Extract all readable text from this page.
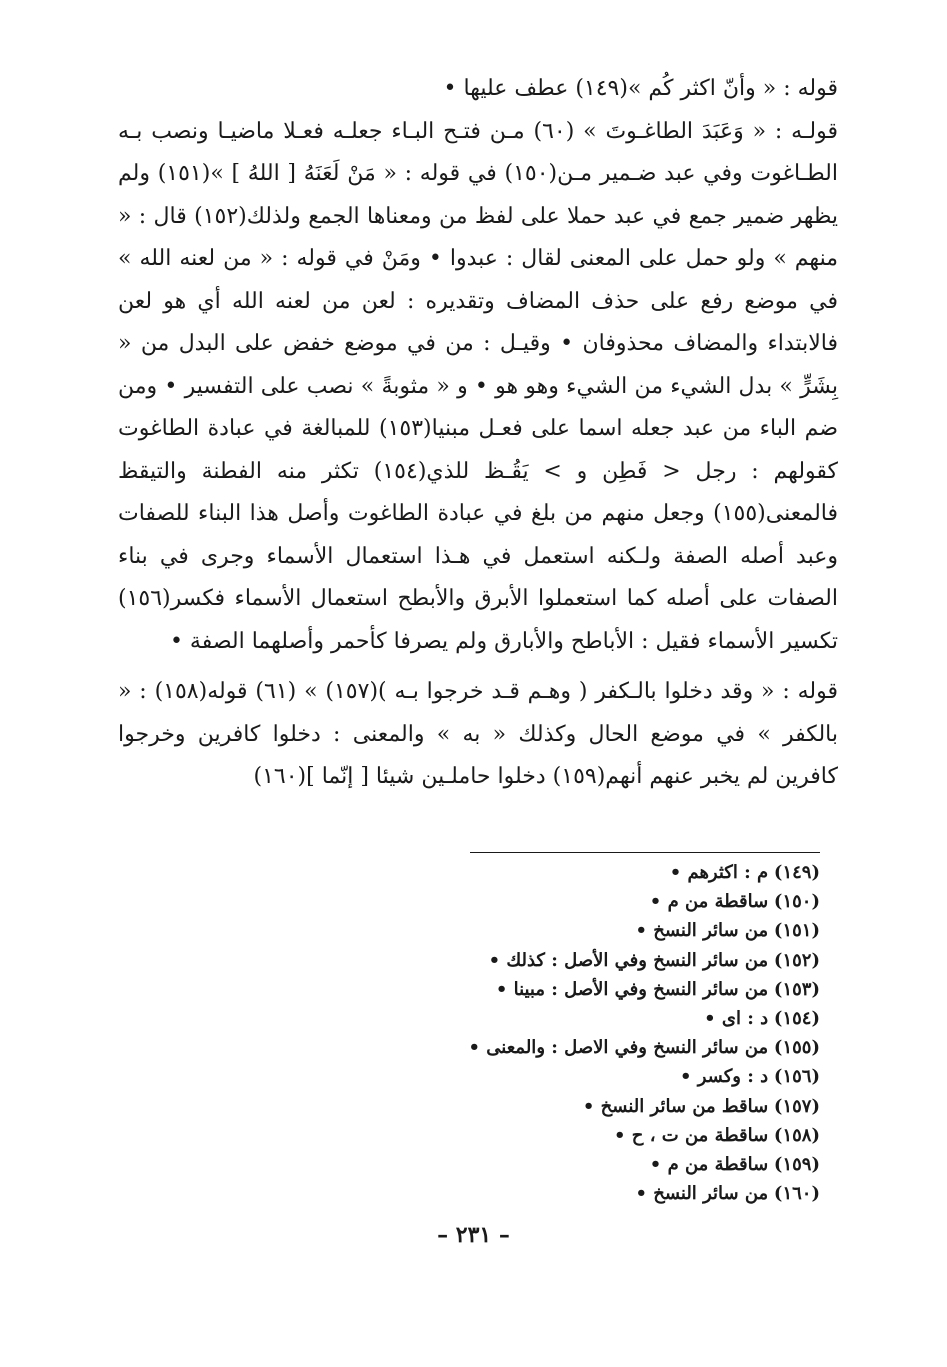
قوله : « وأنّ اكثر كُم »(١٤٩) عطف عليها •

قولـه : « وَعَبَدَ الطاغـوتَ » (٦٠) مـن فتـح البـاء جعلـه فعـلا ماضيـا ونصب بـه الطـاغوت وفي عبد ضـمير مـن(١٥٠) في قوله : « مَنْ لَعَنَهُ [ اللهُ ] »(١٥١) ولم يظهر ضمير جمع في عبد حملا على لفظ من ومعناها الجمع ولذلك(١٥٢) قال : « منهم » ولو حمل على المعنى لقال : عبدوا • ومَنْ في قوله : « من لعنه الله » في موضع رفع على حذف المضاف وتقديره : لعن من لعنه الله أي هو لعن فالابتداء والمضاف محذوفان • وقيـل : من في موضع خفض على البدل من « بِشَرٍّ » بدل الشيء من الشيء وهو هو • و « مثوبةً » نصب على التفسير • ومن ضم الباء من عبد جعله اسما على فعـل مبنيا(١٥٣) للمبالغة في عبادة الطاغوت كقولهم : رجل < فَطِن و > يَقُـظ للذي(١٥٤) تكثر منه الفطنة والتيقظ فالمعنى(١٥٥) وجعل منهم من بلغ في عبادة الطاغوت وأصل هذا البناء للصفات وعبد أصله الصفة ولـكنه استعمل في هـذا استعمال الأسماء وجرى في بناء الصفات على أصله كما استعملوا الأبرق والأبطح استعمال الأسماء فكسر(١٥٦) تكسير الأسماء فقيل : الأباطح والأبارق ولم يصرفا كأحمر وأصلهما الصفة •

قوله : « وقد دخلوا بالـكفر ( وهـم قـد خرجوا بـه )(١٥٧) » (٦١) قوله(١٥٨) : « بالكفر » في موضع الحال وكذلك « به » والمعنى : دخلوا كافرين وخرجوا كافرين لم يخبر عنهم أنهم(١٥٩) دخلوا حاملـين شيئا [ إنّما ](١٦٠)

(١٤٩) م : اكثرهم •
(١٥٠) ساقطة من م •
(١٥١) من سائر النسخ •
(١٥٢) من سائر النسخ وفي الأصل : كذلك •
(١٥٣) من سائر النسخ وفي الأصل : مبينا •
(١٥٤) د : اى •
(١٥٥) من سائر النسخ وفي الاصل : والمعنى •
(١٥٦) د : وكسر •
(١٥٧) ساقط من سائر النسخ •
(١٥٨) ساقطة من ت ، ح •
(١٥٩) ساقطة من م •
(١٦٠) من سائر النسخ •
– ٢٣١ –
